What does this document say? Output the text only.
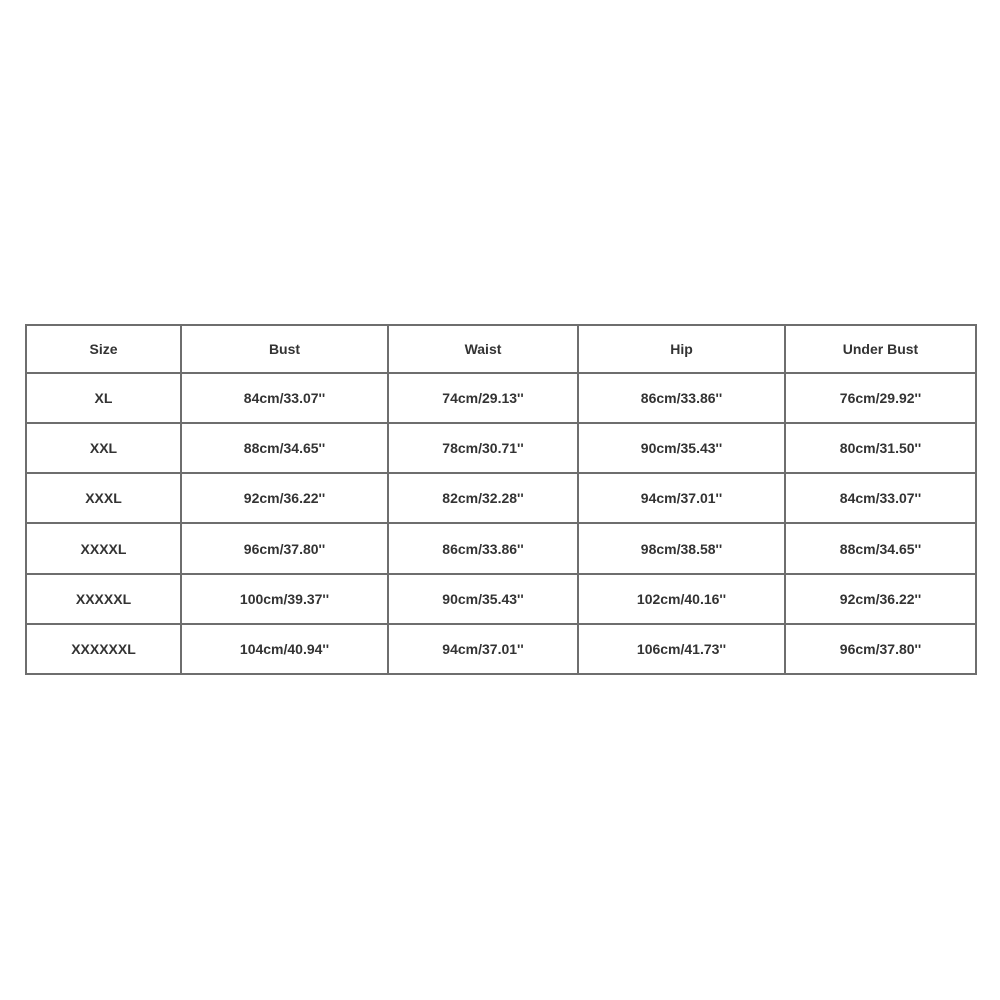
Size	Bust	Waist	Hip	Under Bust
XL	84cm/33.07''	74cm/29.13''	86cm/33.86''	76cm/29.92''
XXL	88cm/34.65''	78cm/30.71''	90cm/35.43''	80cm/31.50''
XXXL	92cm/36.22''	82cm/32.28''	94cm/37.01''	84cm/33.07''
XXXXL	96cm/37.80''	86cm/33.86''	98cm/38.58''	88cm/34.65''
XXXXXL	100cm/39.37''	90cm/35.43''	102cm/40.16''	92cm/36.22''
XXXXXXL	104cm/40.94''	94cm/37.01''	106cm/41.73''	96cm/37.80''
